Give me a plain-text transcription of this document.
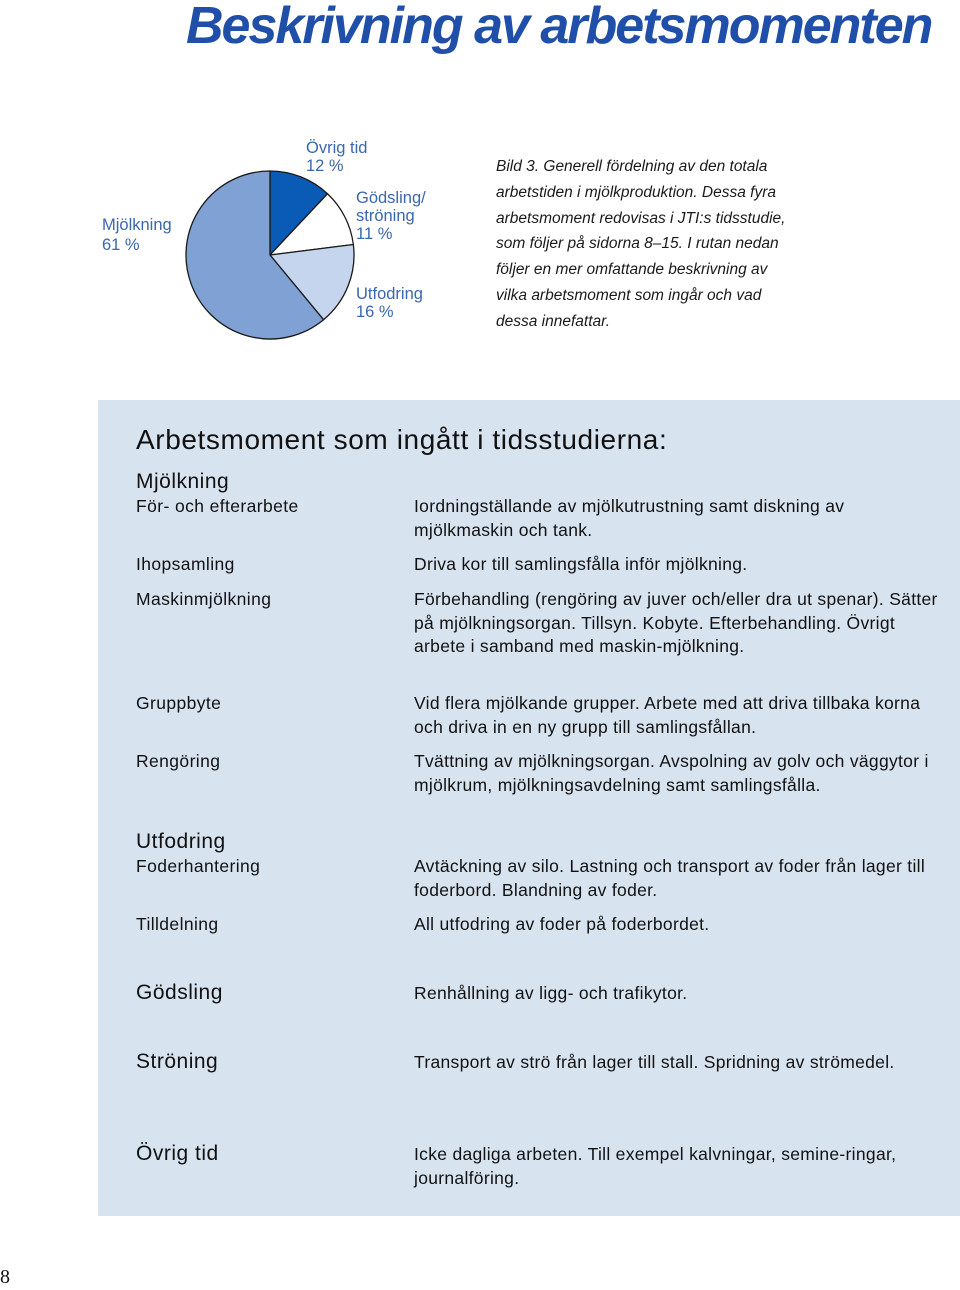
Beskrivning av arbetsmomenten
Mjölkning
61 %
Övrig tid
12 %
Gödsling/
ströning
11 %
Utfodring
16 %
Bild 3. Generell fördelning av den totala
arbetstiden i mjölkproduktion. Dessa fyra
arbetsmoment redovisas i JTI:s tidsstudie,
som följer på sidorna 8–15. I rutan nedan
följer en mer omfattande beskrivning av
vilka arbetsmoment som ingår och vad
dessa innefattar.
Arbetsmoment som ingått i tidsstudierna:
Mjölkning
För- och efterarbete	Iordningställande av mjölkutrustning samt diskning av mjölkmaskin och tank.
Ihopsamling	Driva kor till samlingsfålla inför mjölkning.
Maskinmjölkning	Förbehandling (rengöring av juver och/eller dra ut spenar). Sätter på mjölkningsorgan. Tillsyn. Kobyte. Efterbehandling. Övrigt arbete i samband med maskin-mjölkning.
Gruppbyte	Vid flera mjölkande grupper. Arbete med att driva tillbaka korna och driva in en ny grupp till samlingsfållan.
Rengöring	Tvättning av mjölkningsorgan. Avspolning av golv och väggytor i mjölkrum, mjölkningsavdelning samt samlingsfålla.
Utfodring
Foderhantering	Avtäckning av silo. Lastning och transport av foder från lager till foderbord. Blandning av foder.
Tilldelning	All utfodring av foder på foderbordet.
Gödsling	Renhållning av ligg- och trafikytor.
Ströning	Transport av strö från lager till stall. Spridning av strömedel.
Övrig tid	Icke dagliga arbeten. Till exempel kalvningar, semine-ringar, journalföring.
8
